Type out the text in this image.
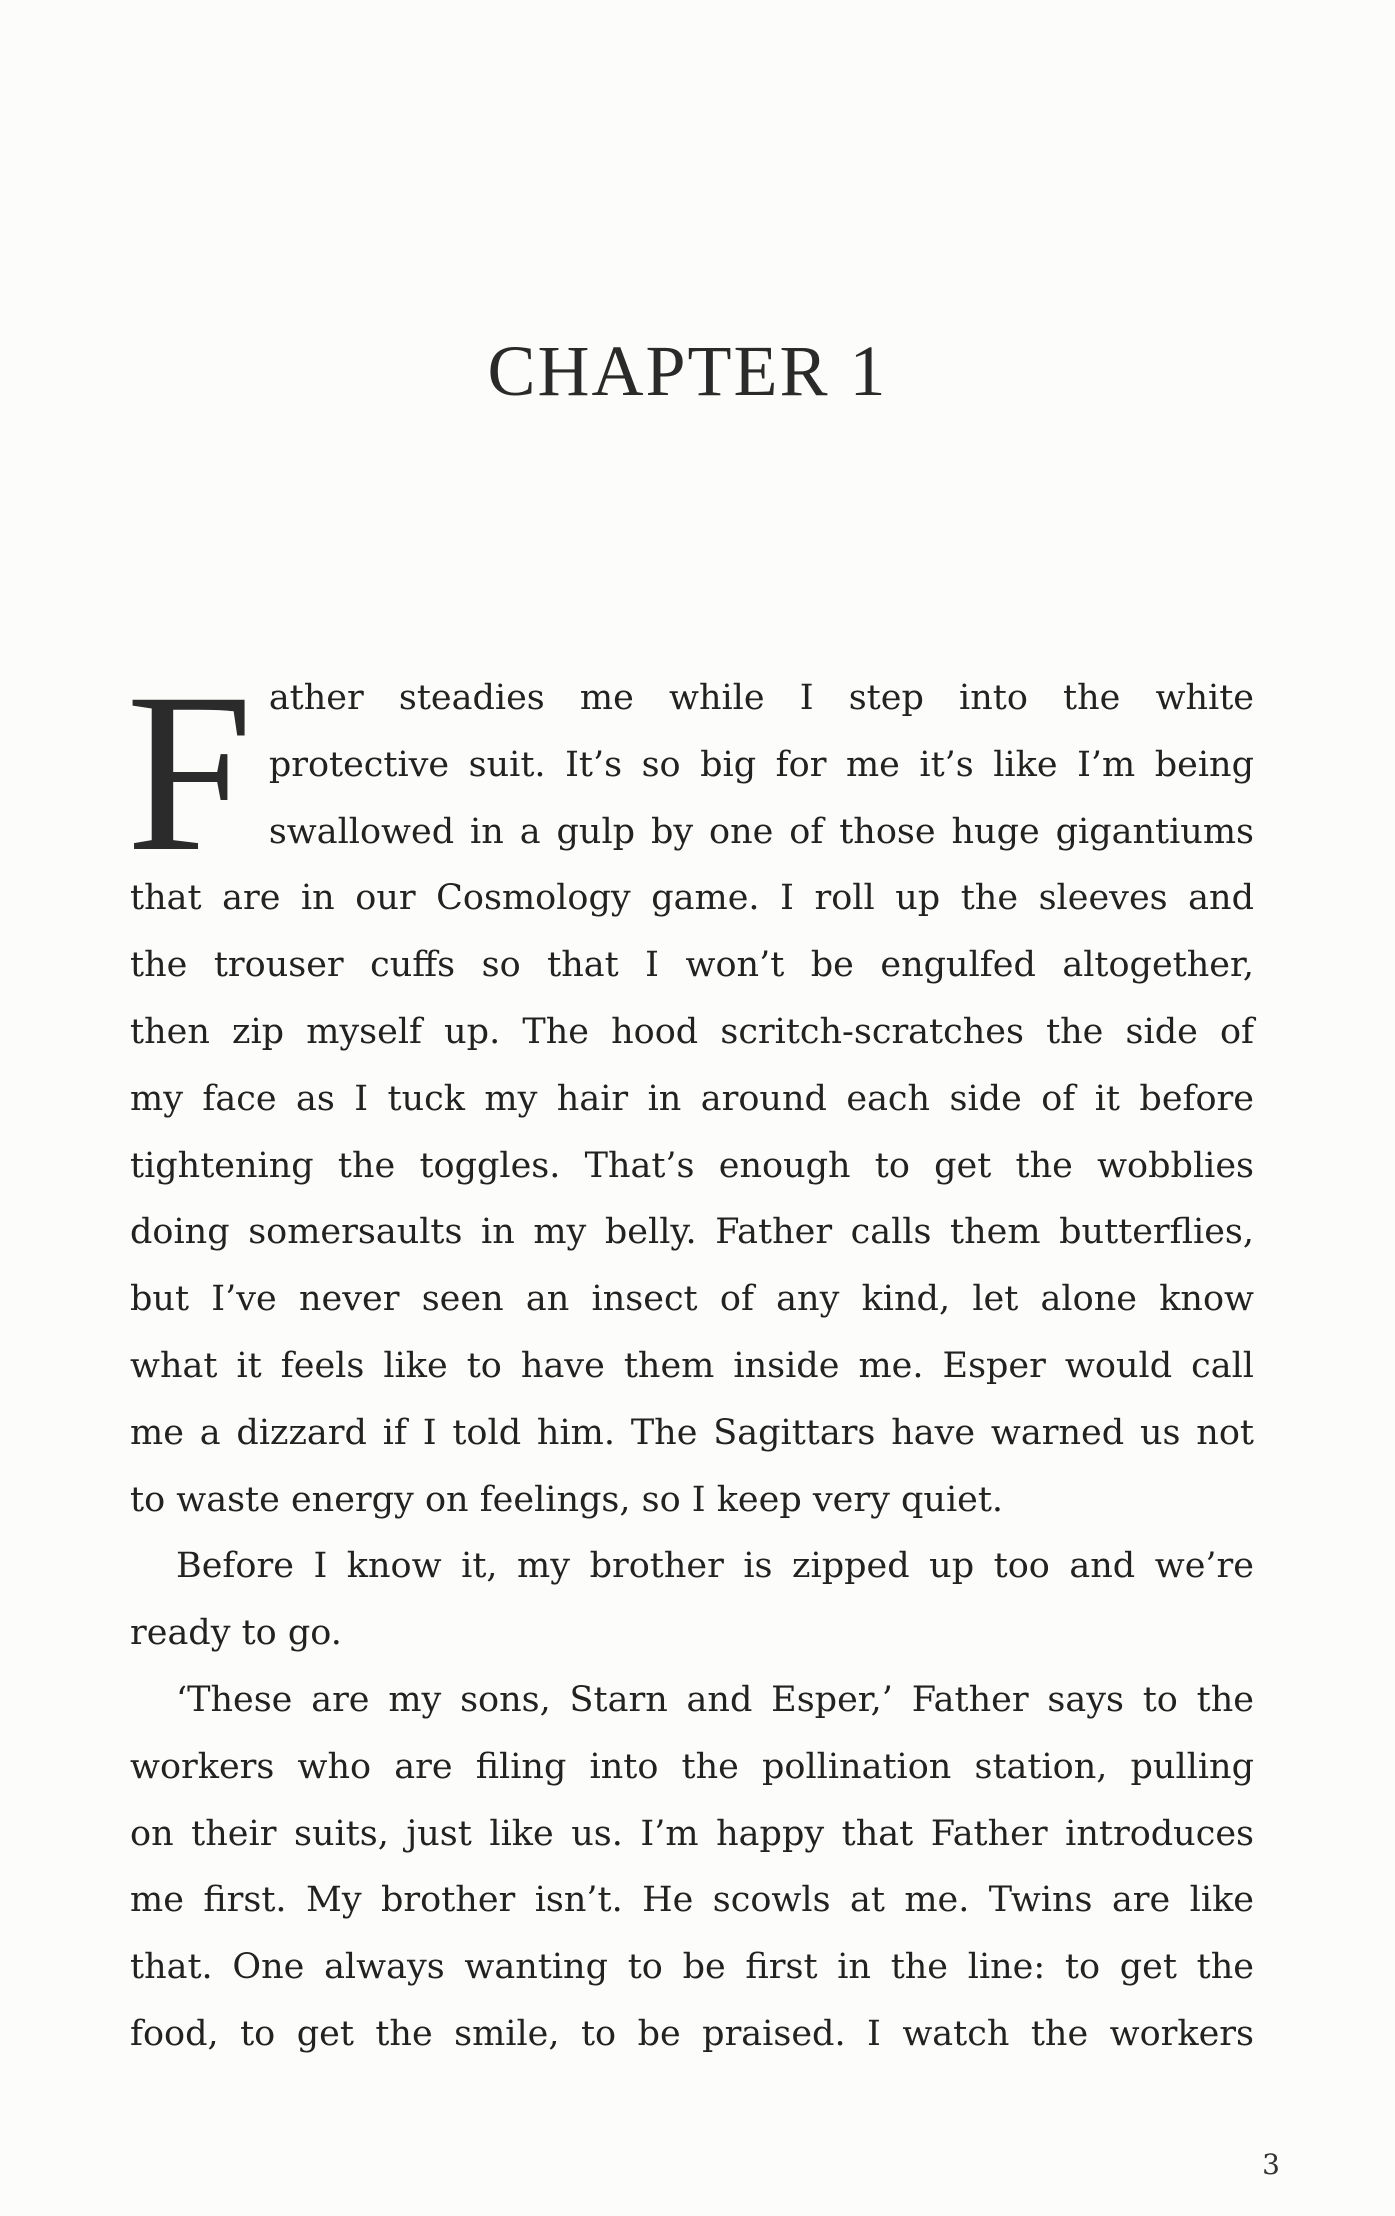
CHAPTER 1
F ather steadies me while I step into the white
protective suit. It’s so big for me it’s like I’m being
swallowed in a gulp by one of those huge gigantiums
that are in our Cosmology game. I roll up the sleeves and
the trouser cuffs so that I won’t be engulfed altogether,
then zip myself up. The hood scritch-scratches the side of
my face as I tuck my hair in around each side of it before
tightening the toggles. That’s enough to get the wobblies
doing somersaults in my belly. Father calls them butterflies,
but I’ve never seen an insect of any kind, let alone know
what it feels like to have them inside me. Esper would call
me a dizzard if I told him. The Sagittars have warned us not
to waste energy on feelings, so I keep very quiet.
Before I know it, my brother is zipped up too and we’re
ready to go.
‘These are my sons, Starn and Esper,’ Father says to the
workers who are filing into the pollination station, pulling
on their suits, just like us. I’m happy that Father introduces
me first. My brother isn’t. He scowls at me. Twins are like
that. One always wanting to be first in the line: to get the
food, to get the smile, to be praised. I watch the workers
3
